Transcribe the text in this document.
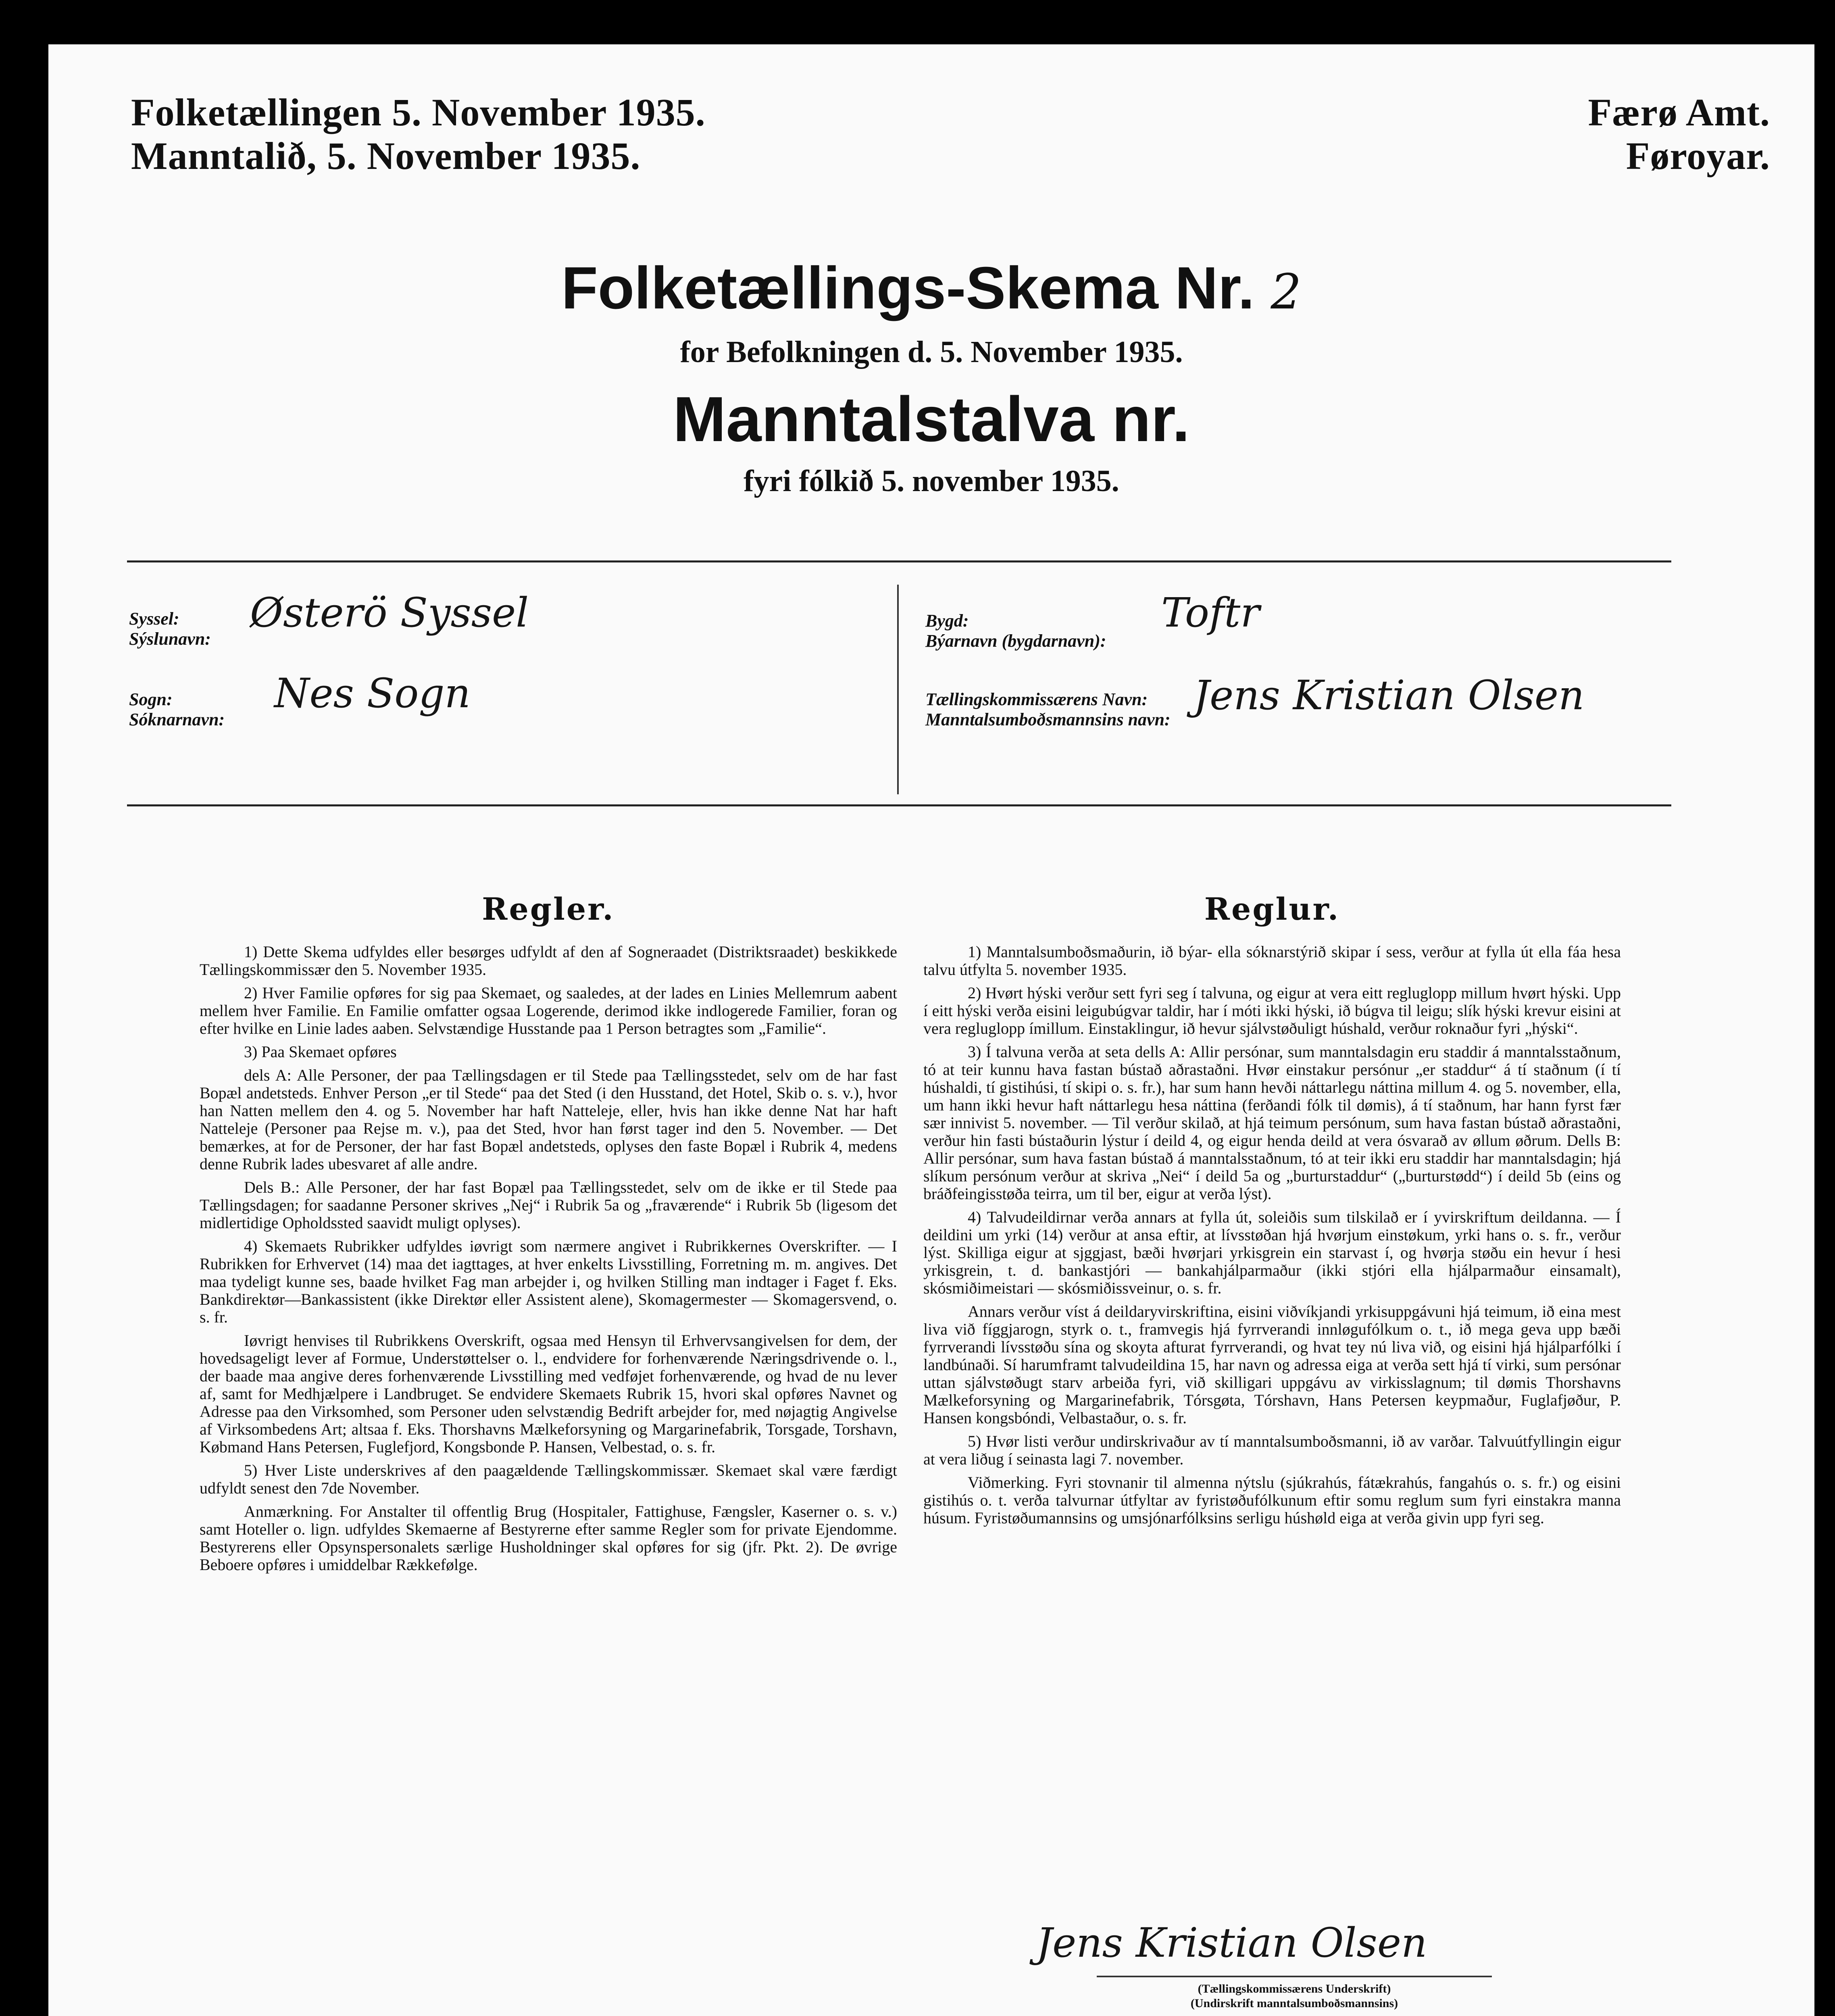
Folketællingen 5. November 1935.
Manntalið, 5. November 1935.
Færø Amt.
Føroyar.
Folketællings-Skema Nr. 2
for Befolkningen d. 5. November 1935.
Manntalstalva nr.
fyri fólkið 5. november 1935.
Syssel:
Sýslunavn:
Østerö Syssel
Sogn:
Sóknarnavn:
Nes Sogn
Bygd:
Býarnavn (bygdarnavn):
Toftr
Tællingskommissærens Navn:
Manntalsumboðsmannsins navn:
Jens Kristian Olsen
Regler.

1) Dette Skema udfyldes eller besørges udfyldt af den af Sogneraadet (Distriktsraadet) beskikkede Tællingskommissær den 5. November 1935.

2) Hver Familie opføres for sig paa Skemaet, og saaledes, at der lades en Linies Mellemrum aabent mellem hver Familie. En Familie omfatter ogsaa Logerende, derimod ikke indlogerede Familier, foran og efter hvilke en Linie lades aaben. Selvstændige Husstande paa 1 Person betragtes som „Familie“.

3) Paa Skemaet opføres

dels A: Alle Personer, der paa Tællingsdagen er til Stede paa Tællingsstedet, selv om de har fast Bopæl andetsteds. Enhver Person „er til Stede“ paa det Sted (i den Husstand, det Hotel, Skib o. s. v.), hvor han Natten mellem den 4. og 5. November har haft Natteleje, eller, hvis han ikke denne Nat har haft Natteleje (Personer paa Rejse m. v.), paa det Sted, hvor han først tager ind den 5. November. — Det bemærkes, at for de Personer, der har fast Bopæl andetsteds, oplyses den faste Bopæl i Rubrik 4, medens denne Rubrik lades ubesvaret af alle andre.

Dels B.: Alle Personer, der har fast Bopæl paa Tællingsstedet, selv om de ikke er til Stede paa Tællingsdagen; for saadanne Personer skrives „Nej“ i Rubrik 5a og „fraværende“ i Rubrik 5b (ligesom det midlertidige Opholdssted saavidt muligt oplyses).

4) Skemaets Rubrikker udfyldes iøvrigt som nærmere angivet i Rubrikkernes Overskrifter. — I Rubrikken for Erhvervet (14) maa det iagttages, at hver enkelts Livsstilling, Forretning m. m. angives. Det maa tydeligt kunne ses, baade hvilket Fag man arbejder i, og hvilken Stilling man indtager i Faget f. Eks. Bankdirektør—Bankassistent (ikke Direktør eller Assistent alene), Skomagermester — Skomagersvend, o. s. fr.

Iøvrigt henvises til Rubrikkens Overskrift, ogsaa med Hensyn til Erhvervsangivelsen for dem, der hovedsageligt lever af Formue, Understøttelser o. l., endvidere for forhenværende Næringsdrivende o. l., der baade maa angive deres forhenværende Livsstilling med vedføjet forhenværende, og hvad de nu lever af, samt for Medhjælpere i Landbruget. Se endvidere Skemaets Rubrik 15, hvori skal opføres Navnet og Adresse paa den Virksomhed, som Personer uden selvstændig Bedrift arbejder for, med nøjagtig Angivelse af Virksombedens Art; altsaa f. Eks. Thorshavns Mælkeforsyning og Margarinefabrik, Torsgade, Torshavn, Købmand Hans Petersen, Fuglefjord, Kongsbonde P. Hansen, Velbestad, o. s. fr.

5) Hver Liste underskrives af den paagældende Tællingskommissær. Skemaet skal være færdigt udfyldt senest den 7de November.

Anmærkning. For Anstalter til offentlig Brug (Hospitaler, Fattighuse, Fængsler, Kaserner o. s. v.) samt Hoteller o. lign. udfyldes Skemaerne af Bestyrerne efter samme Regler som for private Ejendomme. Bestyrerens eller Opsynspersonalets særlige Husholdninger skal opføres for sig (jfr. Pkt. 2). De øvrige Beboere opføres i umiddelbar Rækkefølge.

Reglur.

1) Manntalsumboðsmaðurin, ið býar- ella sóknarstýrið skipar í sess, verður at fylla út ella fáa hesa talvu útfylta 5. november 1935.

2) Hvørt hýski verður sett fyri seg í talvuna, og eigur at vera eitt regluglopp millum hvørt hýski. Upp í eitt hýski verða eisini leigubúgvar taldir, har í móti ikki hýski, ið búgva til leigu; slík hýski krevur eisini at vera regluglopp ímillum. Einstaklingur, ið hevur sjálvstøðuligt húshald, verður roknaður fyri „hýski“.

3) Í talvuna verða at seta dells A: Allir persónar, sum manntalsdagin eru staddir á manntalsstaðnum, tó at teir kunnu hava fastan bústað aðrastaðni. Hvør einstakur persónur „er staddur“ á tí staðnum (í tí húshaldi, tí gistihúsi, tí skipi o. s. fr.), har sum hann hevði náttarlegu náttina millum 4. og 5. november, ella, um hann ikki hevur haft náttarlegu hesa náttina (ferðandi fólk til dømis), á tí staðnum, har hann fyrst fær sær innivist 5. november. — Til verður skilað, at hjá teimum persónum, sum hava fastan bústað aðrastaðni, verður hin fasti bústaðurin lýstur í deild 4, og eigur henda deild at vera ósvarað av øllum øðrum. Dells B: Allir persónar, sum hava fastan bústað á manntalsstaðnum, tó at teir ikki eru staddir har manntalsdagin; hjá slíkum persónum verður at skriva „Nei“ í deild 5a og „burturstaddur“ („burturstødd“) í deild 5b (eins og bráðfeingisstøða teirra, um til ber, eigur at verða lýst).

4) Talvudeildirnar verða annars at fylla út, soleiðis sum tilskilað er í yvirskriftum deildanna. — Í deildini um yrki (14) verður at ansa eftir, at lívsstøðan hjá hvørjum einstøkum, yrki hans o. s. fr., verður lýst. Skilliga eigur at sjggjast, bæði hvørjari yrkisgrein ein starvast í, og hvørja støðu ein hevur í hesi yrkisgrein, t. d. bankastjóri — bankahjálparmaður (ikki stjóri ella hjálparmaður einsamalt), skósmiðimeistari — skósmiðissveinur, o. s. fr.

Annars verður víst á deildaryvirskriftina, eisini viðvíkjandi yrkisuppgávuni hjá teimum, ið eina mest liva við fíggjarogn, styrk o. t., framvegis hjá fyrrverandi innløgufólkum o. t., ið mega geva upp bæði fyrrverandi lívsstøðu sína og skoyta afturat fyrrverandi, og hvat tey nú liva við, og eisini hjá hjálparfólki í landbúnaði. Sí harumframt talvudeildina 15, har navn og adressa eiga at verða sett hjá tí virki, sum persónar uttan sjálvstøðugt starv arbeiða fyri, við skilligari uppgávu av virkisslagnum; til dømis Thorshavns Mælkeforsyning og Margarinefabrik, Tórsgøta, Tórshavn, Hans Petersen keypmaður, Fuglafjøður, P. Hansen kongsbóndi, Velbastaður, o. s. fr.

5) Hvør listi verður undirskrivaður av tí manntalsumboðsmanni, ið av varðar. Talvuútfyllingin eigur at vera liðug í seinasta lagi 7. november.

Viðmerking. Fyri stovnanir til almenna nýtslu (sjúkrahús, fátækrahús, fangahús o. s. fr.) og eisini gistihús o. t. verða talvurnar útfyltar av fyristøðufólkunum eftir somu reglum sum fyri einstakra manna húsum. Fyristøðumannsins og umsjónarfólksins serligu húshøld eiga at verða givin upp fyri seg.

Jens Kristian Olsen
(Tællingskommissærens Underskrift)
(Undirskrift manntalsumboðsmannsins)
